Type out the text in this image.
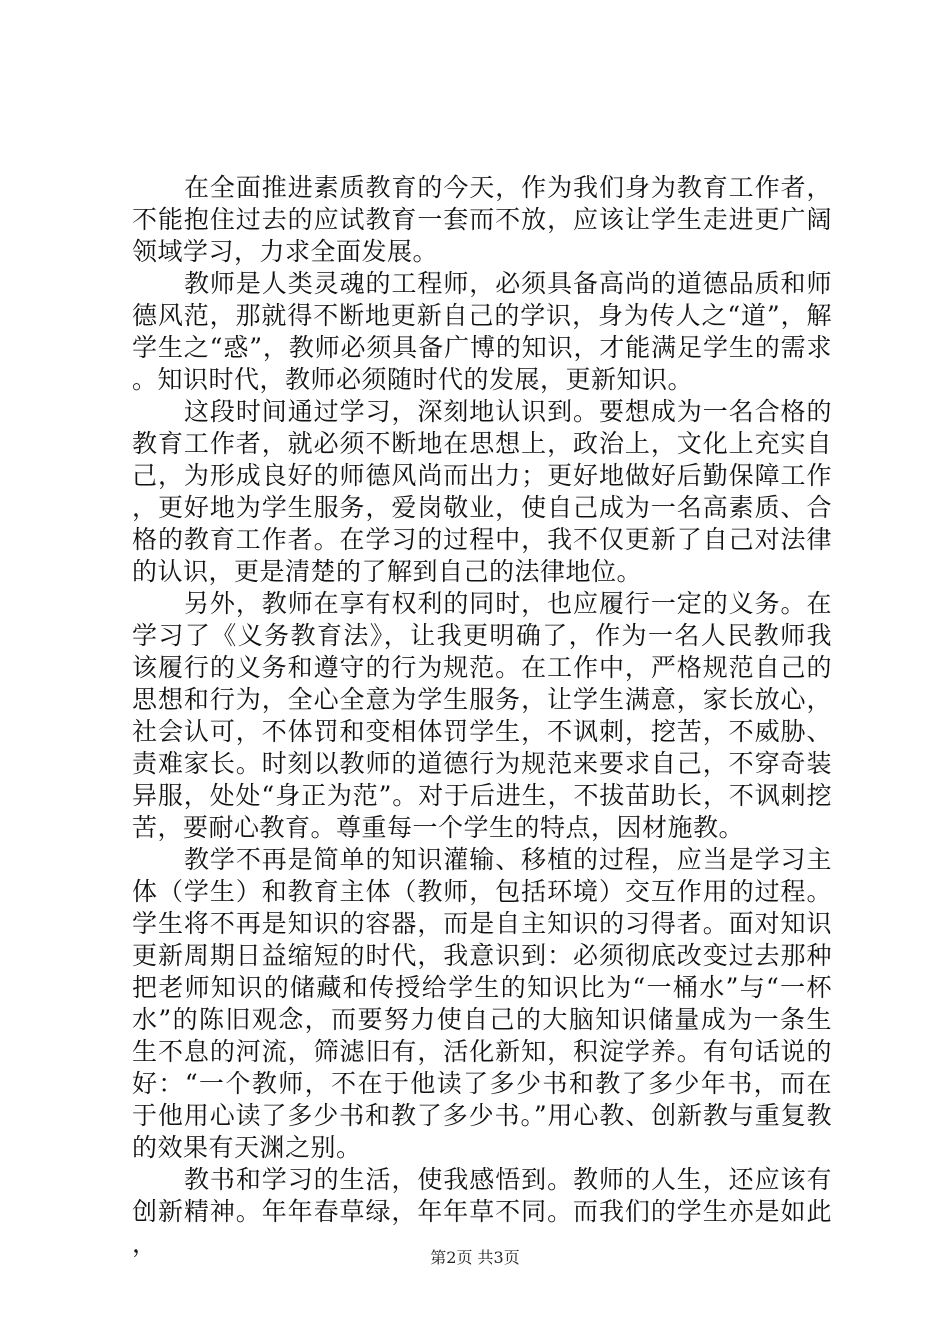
在全面推进素质教育的今天，作为我们身为教育工作者，不能抱住过去的应试教育一套而不放，应该让学生走进更广阔领域学习，力求全面发展。

教师是人类灵魂的工程师，必须具备高尚的道德品质和师德风范，那就得不断地更新自己的学识，身为传人之“道”，解学生之“惑”，教师必须具备广博的知识，才能满足学生的需求。知识时代，教师必须随时代的发展，更新知识。

这段时间通过学习，深刻地认识到。要想成为一名合格的教育工作者，就必须不断地在思想上，政治上，文化上充实自己，为形成良好的师德风尚而出力；更好地做好后勤保障工作，更好地为学生服务，爱岗敬业，使自己成为一名高素质、合格的教育工作者。在学习的过程中，我不仅更新了自己对法律的认识，更是清楚的了解到自己的法律地位。

另外，教师在享有权利的同时，也应履行一定的义务。在学习了《义务教育法》，让我更明确了，作为一名人民教师我该履行的义务和遵守的行为规范。在工作中，严格规范自己的思想和行为，全心全意为学生服务，让学生满意，家长放心，社会认可，不体罚和变相体罚学生，不讽刺，挖苦，不威胁、责难家长。时刻以教师的道德行为规范来要求自己，不穿奇装异服，处处“身正为范”。对于后进生，不拔苗助长，不讽刺挖苦，要耐心教育。尊重每一个学生的特点，因材施教。

教学不再是简单的知识灌输、移植的过程，应当是学习主体（学生）和教育主体（教师，包括环境）交互作用的过程。学生将不再是知识的容器，而是自主知识的习得者。面对知识更新周期日益缩短的时代，我意识到：必须彻底改变过去那种把老师知识的储藏和传授给学生的知识比为“一桶水”与“一杯水”的陈旧观念，而要努力使自己的大脑知识储量成为一条生生不息的河流，筛滤旧有，活化新知，积淀学养。有句话说的好：“一个教师，不在于他读了多少书和教了多少年书，而在于他用心读了多少书和教了多少书。”用心教、创新教与重复教的效果有天渊之别。

教书和学习的生活，使我感悟到。教师的人生，还应该有创新精神。年年春草绿，年年草不同。而我们的学生亦是如此，	第2页 共3页
